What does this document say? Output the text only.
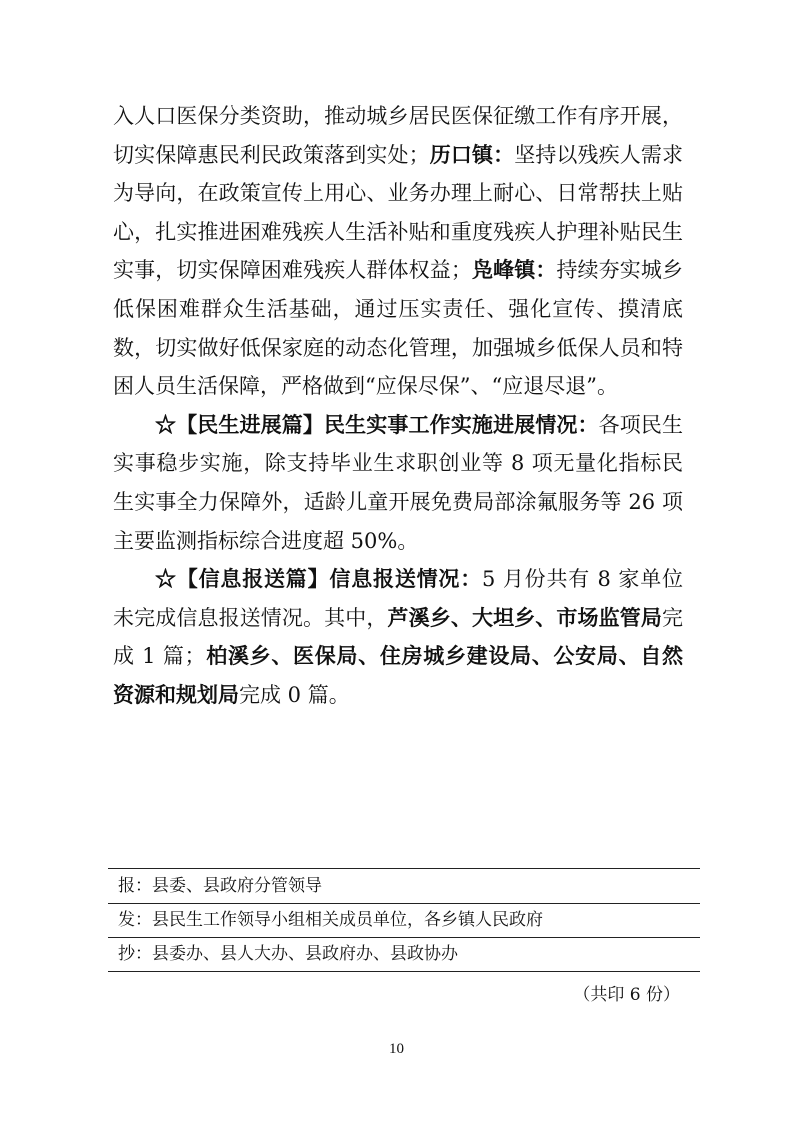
入人口医保分类资助，推动城乡居民医保征缴工作有序开展，切实保障惠民利民政策落到实处；历口镇：坚持以残疾人需求为导向，在政策宣传上用心、业务办理上耐心、日常帮扶上贴心，扎实推进困难残疾人生活补贴和重度残疾人护理补贴民生实事，切实保障困难残疾人群体权益；凫峰镇：持续夯实城乡低保困难群众生活基础，通过压实责任、强化宣传、摸清底数，切实做好低保家庭的动态化管理，加强城乡低保人员和特困人员生活保障，严格做到“应保尽保”、“应退尽退”。

☆【民生进展篇】民生实事工作实施进展情况：各项民生实事稳步实施，除支持毕业生求职创业等 8 项无量化指标民生实事全力保障外，适龄儿童开展免费局部涂氟服务等 26 项主要监测指标综合进度超 50%。

☆【信息报送篇】信息报送情况：5 月份共有 8 家单位未完成信息报送情况。其中，芦溪乡、大坦乡、市场监管局完成 1 篇；柏溪乡、医保局、住房城乡建设局、公安局、自然资源和规划局完成 0 篇。

报：县委、县政府分管领导
发：县民生工作领导小组相关成员单位，各乡镇人民政府
抄：县委办、县人大办、县政府办、县政协办
（共印 6 份）
10
